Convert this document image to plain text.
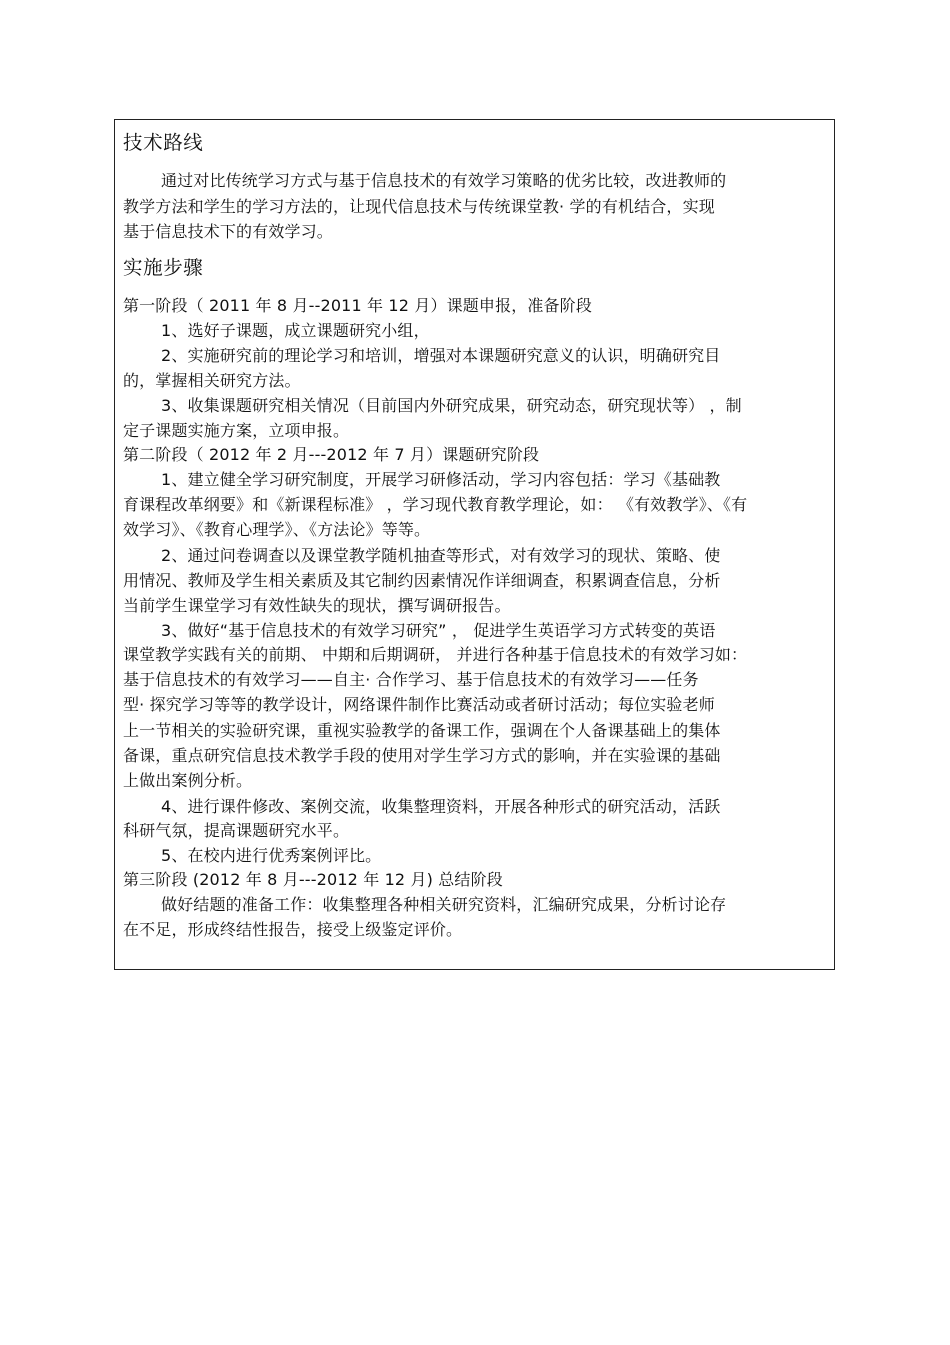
技术路线
通过对比传统学习方式与基于信息技术的有效学习策略的优劣比较，改进教师的
教学方法和学生的学习方法的，让现代信息技术与传统课堂教· 学的有机结合，实现
基于信息技术下的有效学习。
实施步骤
第一阶段（ 2011 年 8 月--2011 年 12 月）课题申报，准备阶段
1、选好子课题，成立课题研究小组，
2、实施研究前的理论学习和培训，增强对本课题研究意义的认识，明确研究目
的，掌握相关研究方法。
3、收集课题研究相关情况（目前国内外研究成果，研究动态，研究现状等） ，制
定子课题实施方案，立项申报。
第二阶段（ 2012 年 2 月---2012 年 7 月）课题研究阶段
1、建立健全学习研究制度，开展学习研修活动，学习内容包括：学习《基础教
育课程改革纲要》和《新课程标准》 ，学习现代教育教学理论，如： 《有效教学》、《有
效学习》、《教育心理学》、《方法论》等等。
2、通过问卷调查以及课堂教学随机抽查等形式，对有效学习的现状、策略、使
用情况、教师及学生相关素质及其它制约因素情况作详细调查，积累调查信息，分析
当前学生课堂学习有效性缺失的现状，撰写调研报告。
3、做好“基于信息技术的有效学习研究” ， 促进学生英语学习方式转变的英语
课堂教学实践有关的前期、 中期和后期调研， 并进行各种基于信息技术的有效学习如：
基于信息技术的有效学习——自主· 合作学习、基于信息技术的有效学习——任务
型· 探究学习等等的教学设计，网络课件制作比赛活动或者研讨活动；每位实验老师
上一节相关的实验研究课，重视实验教学的备课工作，强调在个人备课基础上的集体
备课，重点研究信息技术教学手段的使用对学生学习方式的影响，并在实验课的基础
上做出案例分析。
4、进行课件修改、案例交流，收集整理资料，开展各种形式的研究活动，活跃
科研气氛，提高课题研究水平。
5、在校内进行优秀案例评比。
第三阶段 (2012 年 8 月---2012 年 12 月) 总结阶段
做好结题的准备工作：收集整理各种相关研究资料，汇编研究成果，分析讨论存
在不足，形成终结性报告，接受上级鉴定评价。
